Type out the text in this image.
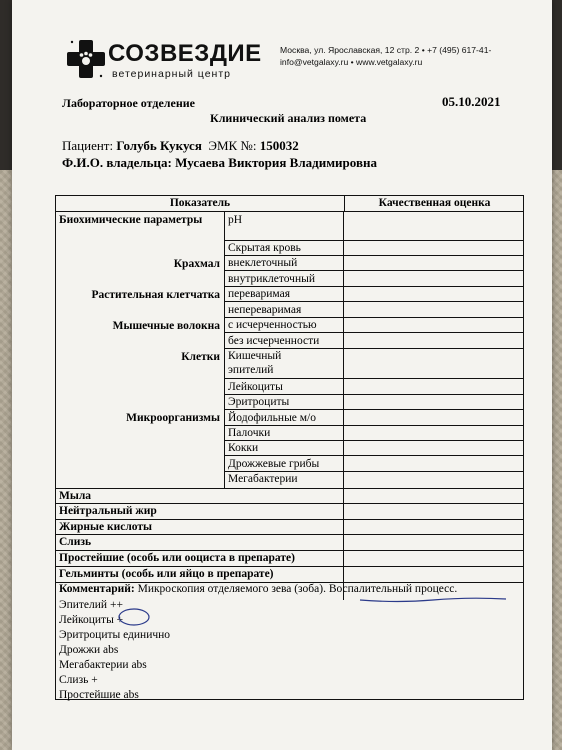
СОЗВЕЗДИЕ
ветеринарный центр
Москва, ул. Ярославская, 12 стр. 2 • +7 (495) 617-41-
info@vetgalaxy.ru • www.vetgalaxy.ru
Лабораторное отделение	05.10.2021
Клинический анализ помета
Пациент: Голубь Кукуся ЭМК №: 150032
Ф.И.О. владельца: Мусаева Виктория Владимировна
Показатель	Качественная оценка
Биохимические параметры
Крахмал
Растительная клетчатка
Мышечные волокна
Клетки
Микроорганизмы
pH
Скрытая кровь
внеклеточный
внутриклеточный
переваримая
непереваримая
с исчерченностью
без исчерченности
Кишечный
эпителий
Лейкоциты
Эритроциты
Йодофильные м/о
Палочки
Кокки
Дрожжевые грибы
Мегабактерии
Мыла
Нейтральный жир
Жирные кислоты
Слизь
Простейшие (особь или ооциста в препарате)
Гельминты (особь или яйцо в препарате)
Комментарий: Микроскопия отделяемого зева (зоба). Воспалительный процесс.
Эпителий ++
Лейкоциты +
Эритроциты единично
Дрожжи abs
Мегабактерии abs
Слизь +
Простейшие abs
